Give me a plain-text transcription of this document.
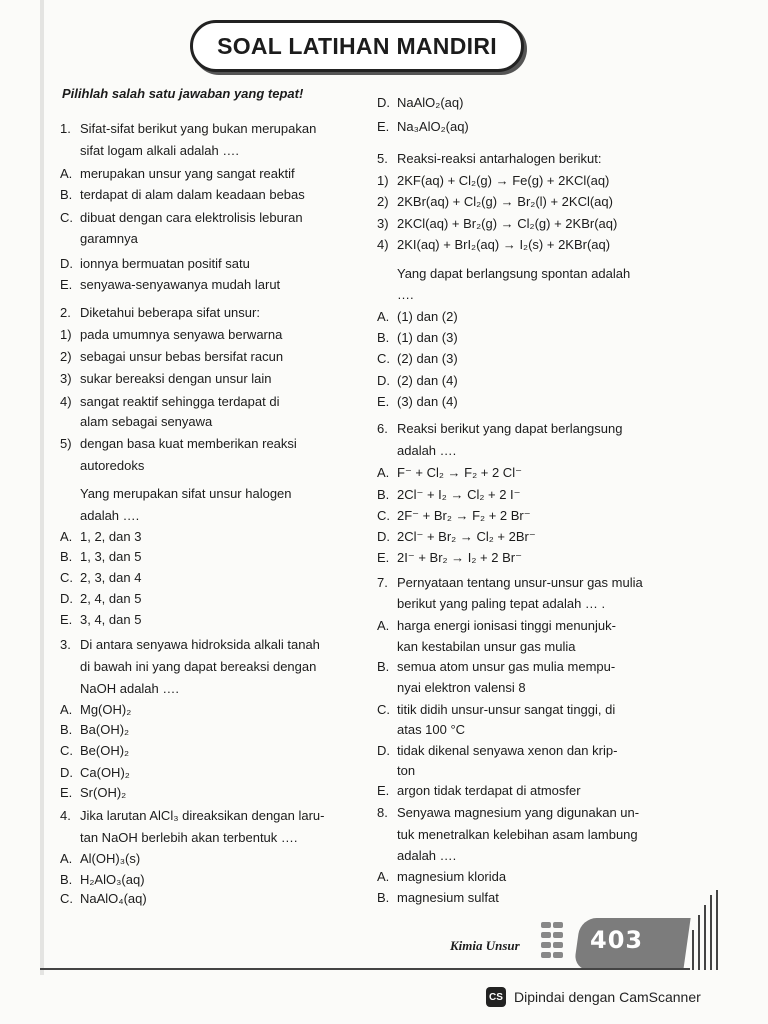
SOAL LATIHAN MANDIRI
Pilihlah salah satu jawaban yang tepat!
1. Sifat-sifat berikut yang bukan merupakan
sifat logam alkali adalah ….
A. merupakan unsur yang sangat reaktif
B. terdapat di alam dalam keadaan bebas
C. dibuat dengan cara elektrolisis leburan
garamnya
D. ionnya bermuatan positif satu
E. senyawa-senyawanya mudah larut
2. Diketahui beberapa sifat unsur:
1) pada umumnya senyawa berwarna
2) sebagai unsur bebas bersifat racun
3) sukar bereaksi dengan unsur lain
4) sangat reaktif sehingga terdapat di
alam sebagai senyawa
5) dengan basa kuat memberikan reaksi
autoredoks
Yang merupakan sifat unsur halogen
adalah ….
A. 1, 2, dan 3
B. 1, 3, dan 5
C. 2, 3, dan 4
D. 2, 4, dan 5
E. 3, 4, dan 5
3. Di antara senyawa hidroksida alkali tanah
di bawah ini yang dapat bereaksi dengan
NaOH adalah ….
A. Mg(OH)₂
B. Ba(OH)₂
C. Be(OH)₂
D. Ca(OH)₂
E. Sr(OH)₂
4. Jika larutan AlCl₃ direaksikan dengan laru-
tan NaOH berlebih akan terbentuk ….
A. Al(OH)₃(s)
B. H₂AlO₃(aq)
C. NaAlO₄(aq)
D. NaAlO₂(aq)
E. Na₃AlO₂(aq)
5. Reaksi-reaksi antarhalogen berikut:
1) 2KF(aq) + Cl₂(g) → Fe(g) + 2KCl(aq)
2) 2KBr(aq) + Cl₂(g) → Br₂(l) + 2KCl(aq)
3) 2KCl(aq) + Br₂(g) → Cl₂(g) + 2KBr(aq)
4) 2KI(aq) + BrI₂(aq) → I₂(s) + 2KBr(aq)
Yang dapat berlangsung spontan adalah
….
A. (1) dan (2)
B. (1) dan (3)
C. (2) dan (3)
D. (2) dan (4)
E. (3) dan (4)
6. Reaksi berikut yang dapat berlangsung
adalah ….
A. F⁻ + Cl₂ → F₂ + 2 Cl⁻
B. 2Cl⁻ + I₂ → Cl₂ + 2 I⁻
C. 2F⁻ + Br₂ → F₂ + 2 Br⁻
D. 2Cl⁻ + Br₂ → Cl₂ + 2Br⁻
E. 2I⁻ + Br₂ → I₂ + 2 Br⁻
7. Pernyataan tentang unsur-unsur gas mulia
berikut yang paling tepat adalah … .
A. harga energi ionisasi tinggi menunjuk-
kan kestabilan unsur gas mulia
B. semua atom unsur gas mulia mempu-
nyai elektron valensi 8
C. titik didih unsur-unsur sangat tinggi, di
atas 100 °C
D. tidak dikenal senyawa xenon dan krip-
ton
E. argon tidak terdapat di atmosfer
8. Senyawa magnesium yang digunakan un-
tuk menetralkan kelebihan asam lambung
adalah ….
A. magnesium klorida
B. magnesium sulfat
Kimia Unsur	403
CS Dipindai dengan CamScanner
